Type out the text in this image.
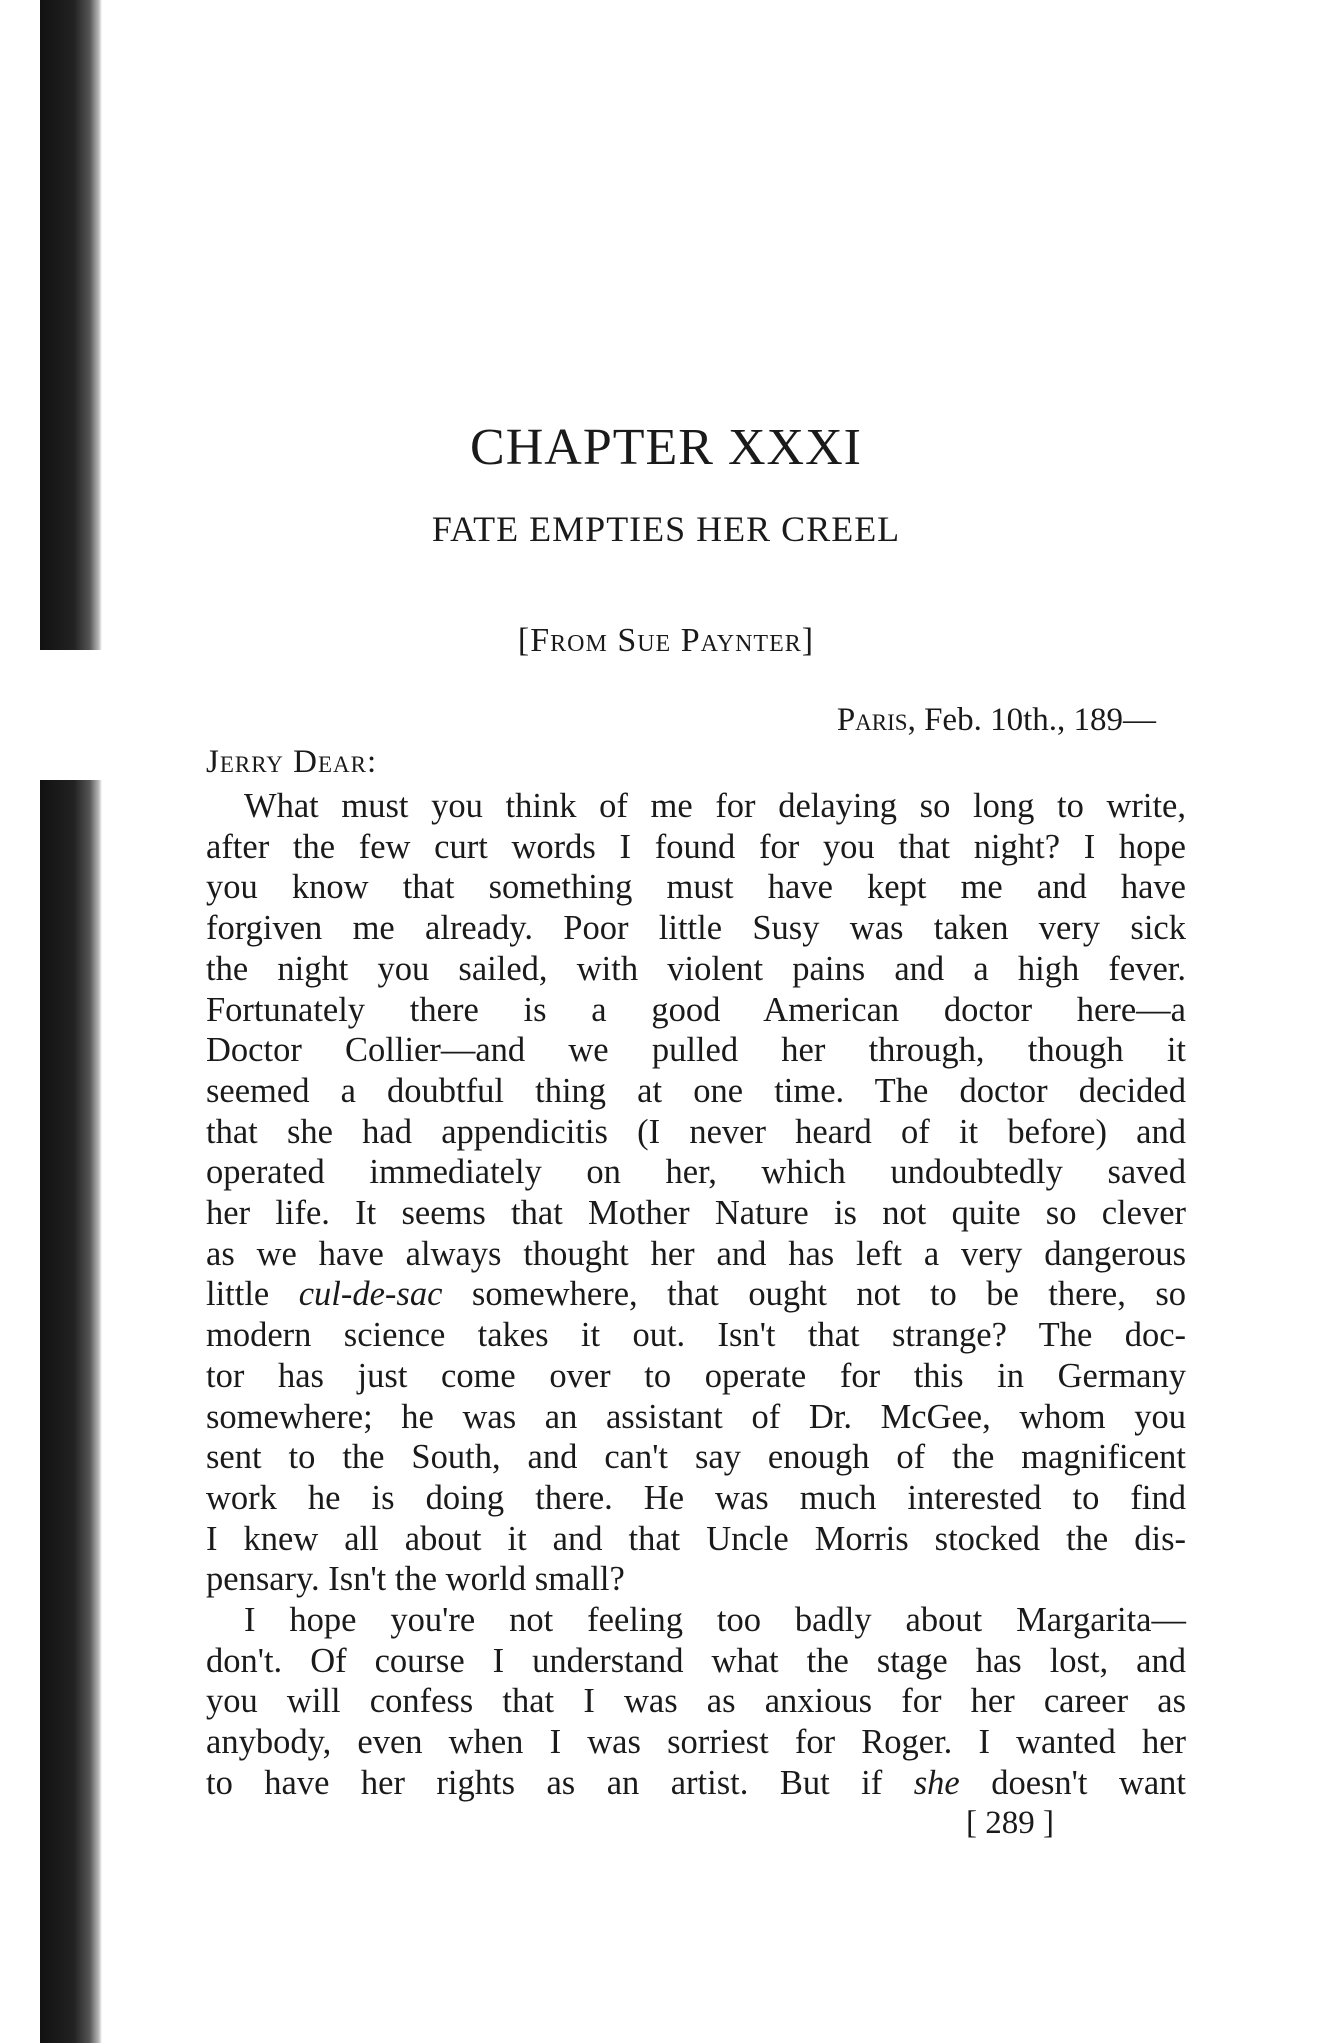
CHAPTER XXXI
FATE EMPTIES HER CREEL
[From Sue Paynter]
Paris, Feb. 10th., 189—
Jerry Dear:
What must you think of me for delaying so long to write,
after the few curt words I found for you that night? I hope
you know that something must have kept me and have
forgiven me already. Poor little Susy was taken very sick
the night you sailed, with violent pains and a high fever.
Fortunately there is a good American doctor here—a
Doctor Collier—and we pulled her through, though it
seemed a doubtful thing at one time. The doctor decided
that she had appendicitis (I never heard of it before) and
operated immediately on her, which undoubtedly saved
her life. It seems that Mother Nature is not quite so clever
as we have always thought her and has left a very dangerous
little cul-de-sac somewhere, that ought not to be there, so
modern science takes it out. Isn't that strange? The doc-
tor has just come over to operate for this in Germany
somewhere; he was an assistant of Dr. McGee, whom you
sent to the South, and can't say enough of the magnificent
work he is doing there. He was much interested to find
I knew all about it and that Uncle Morris stocked the dis-
pensary. Isn't the world small?
I hope you're not feeling too badly about Margarita—
don't. Of course I understand what the stage has lost, and
you will confess that I was as anxious for her career as
anybody, even when I was sorriest for Roger. I wanted her
to have her rights as an artist. But if she doesn't want
[ 289 ]
